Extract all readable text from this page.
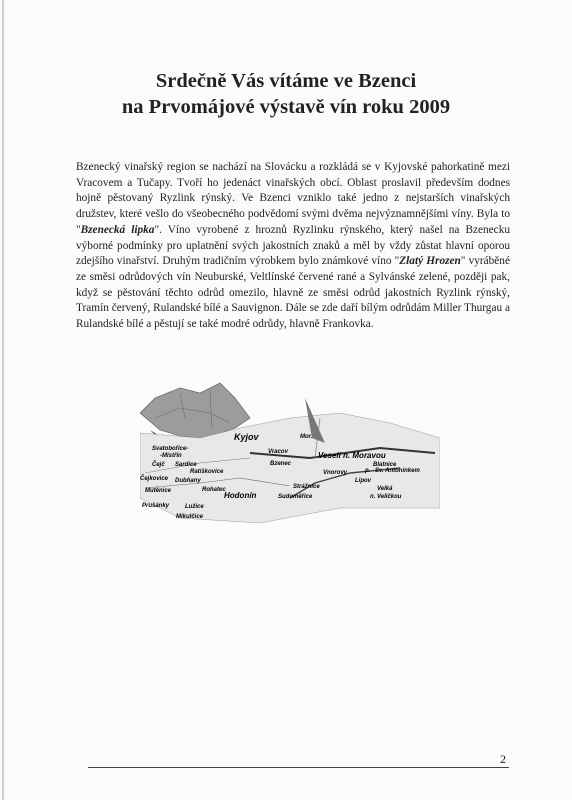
Srdečně Vás vítáme ve Bzenci
na Prvomájové výstavě vín roku 2009
Bzenecký vinařský region se nachází na Slovácku a rozkládá se v Kyjovské pahorkatině mezi Vracovem a Tučapy. Tvoří ho jedenáct vinařských obcí. Oblast proslavil především dodnes hojně pěstovaný Ryzlink rýnský. Ve Bzenci vzniklo také jedno z nejstarších vinařských družstev, které vešlo do všeobecného podvědomí svými dvěma nejvýznamnějšími víny. Byla to "Bzenecká lipka". Víno vyrobené z hroznů Ryzlinku rýnského, který našel na Bzenecku výborné podmínky pro uplatnění svých jakostních znaků a měl by vždy zůstat hlavní oporou zdejšího vinařství. Druhým tradičním výrobkem bylo známkové víno "Zlatý Hrozen" vyráběné ze směsi odrůdových vín Neuburské, Veltlínské červené rané a Sylvánské zelené, později pak, když se pěstování těchto odrůd omezilo, hlavně ze směsi odrůd jakostních Ryzlink rýnský, Tramín červený, Rulandské bílé a Sauvignon. Dále se zde daří bílým odrůdám Miller Thurgau a Rulandské bílé a pěstují se také modré odrůdy, hlavně Frankovka.
Kyjov	Mor.
Svatobořice-
-Mistřín
Vracov	Veselí n. Moravou
Čejč Sardice	Bzenec	Blatnice
Ratíškovice	Vnorovy	p. Sv. Antonínkem
Čejkovice Dubňany	Lipov
Strážnice
Mutěnice	Rohatec	Velká
Hodonín	Sudoměřice	n. Veličkou
Prušánky	Lužice
Mikulčice
2
